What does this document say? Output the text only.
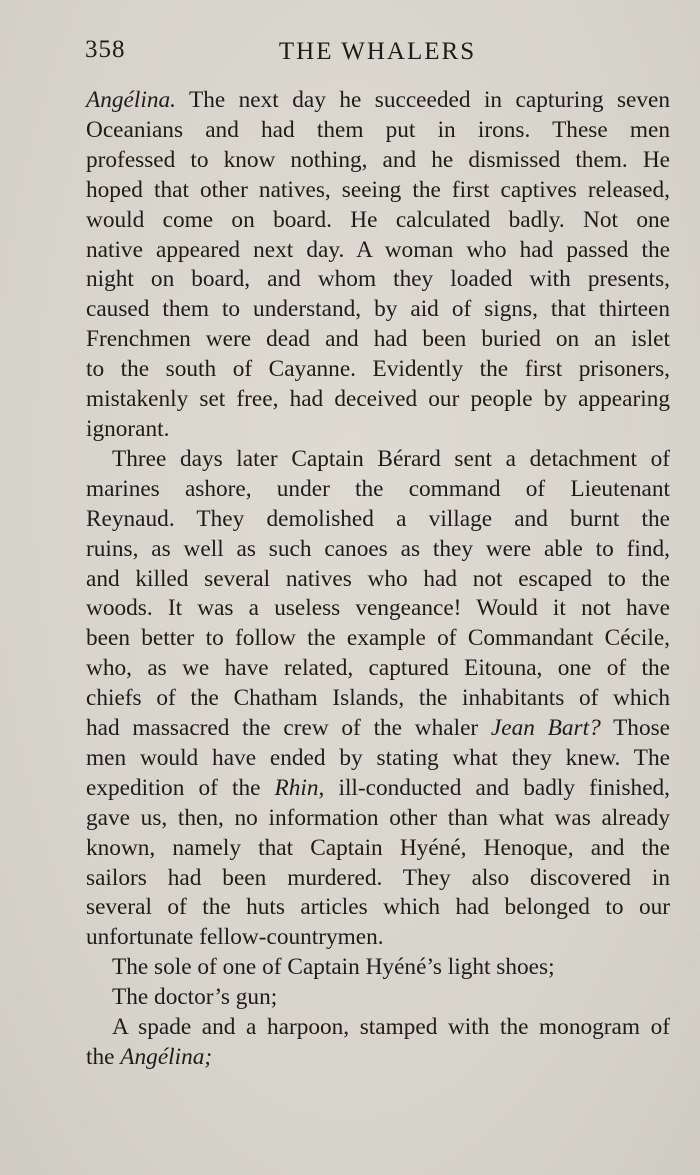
358	THE WHALERS
Angélina. The next day he succeeded in capturing seven
Oceanians and had them put in irons. These men
professed to know nothing, and he dismissed them. He
hoped that other natives, seeing the first captives released,
would come on board. He calculated badly. Not one
native appeared next day. A woman who had passed the
night on board, and whom they loaded with presents,
caused them to understand, by aid of signs, that thirteen
Frenchmen were dead and had been buried on an islet
to the south of Cayanne. Evidently the first prisoners,
mistakenly set free, had deceived our people by appearing
ignorant.
Three days later Captain Bérard sent a detachment of
marines ashore, under the command of Lieutenant
Reynaud. They demolished a village and burnt the
ruins, as well as such canoes as they were able to find,
and killed several natives who had not escaped to the
woods. It was a useless vengeance! Would it not have
been better to follow the example of Commandant Cécile,
who, as we have related, captured Eitouna, one of the
chiefs of the Chatham Islands, the inhabitants of which
had massacred the crew of the whaler Jean Bart? Those
men would have ended by stating what they knew. The
expedition of the Rhin, ill-conducted and badly finished,
gave us, then, no information other than what was already
known, namely that Captain Hyéné, Henoque, and the
sailors had been murdered. They also discovered in
several of the huts articles which had belonged to our
unfortunate fellow-countrymen.
The sole of one of Captain Hyéné’s light shoes;
The doctor’s gun;
A spade and a harpoon, stamped with the monogram of
the Angélina;
